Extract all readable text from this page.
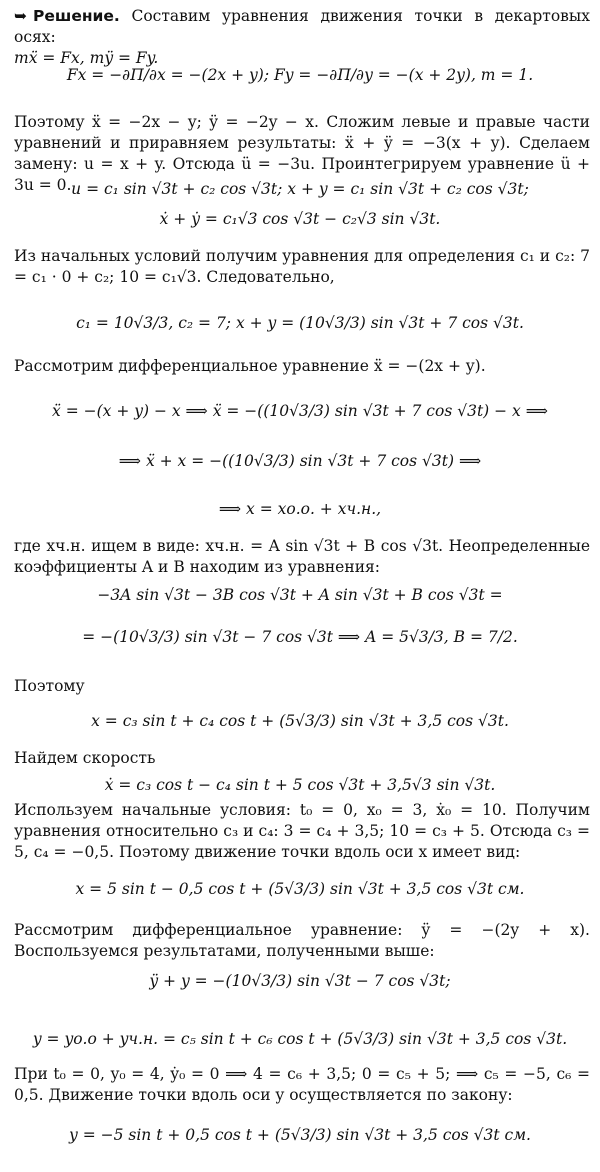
➥ Решение. Составим уравнения движения точки в декартовых осях:
mẍ = Fx, mÿ = Fy.
Fx = −∂Π/∂x = −(2x + y); Fy = −∂Π/∂y = −(x + 2y), m = 1.
Поэтому ẍ = −2x − y; ÿ = −2y − x. Сложим левые и правые части уравнений и приравняем результаты: ẍ + ÿ = −3(x + y). Сделаем замену: u = x + y. Отсюда ü = −3u. Проинтегрируем уравнение ü + 3u = 0. u = c₁ sin √3t + c₂ cos √3t; x + y = c₁ sin √3t + c₂ cos √3t;
ẋ + ẏ = c₁√3 cos √3t − c₂√3 sin √3t.
Из начальных условий получим уравнения для определения c₁ и c₂: 7 = c₁ · 0 + c₂; 10 = c₁√3. Следовательно,
c₁ = 10√3/3, c₂ = 7; x + y = (10√3/3) sin √3t + 7 cos √3t.
Рассмотрим дифференциальное уравнение ẍ = −(2x + y).
ẍ = −(x + y) − x ⟹ ẍ = −((10√3/3) sin √3t + 7 cos √3t) − x ⟹
⟹ ẍ + x = −((10√3/3) sin √3t + 7 cos √3t) ⟹
⟹ x = xо.о. + xч.н.,
где xч.н. ищем в виде: xч.н. = A sin √3t + B cos √3t. Неопределенные коэффициенты A и B находим из уравнения:
−3A sin √3t − 3B cos √3t + A sin √3t + B cos √3t =
= −(10√3/3) sin √3t − 7 cos √3t ⟹ A = 5√3/3, B = 7/2.
Поэтому
x = c₃ sin t + c₄ cos t + (5√3/3) sin √3t + 3,5 cos √3t.
Найдем скорость
ẋ = c₃ cos t − c₄ sin t + 5 cos √3t + 3,5√3 sin √3t.
Используем начальные условия: t₀ = 0, x₀ = 3, ẋ₀ = 10. Получим уравнения относительно c₃ и c₄: 3 = c₄ + 3,5; 10 = c₃ + 5. Отсюда c₃ = 5, c₄ = −0,5. Поэтому движение точки вдоль оси x имеет вид:
x = 5 sin t − 0,5 cos t + (5√3/3) sin √3t + 3,5 cos √3t см.
Рассмотрим дифференциальное уравнение: ÿ = −(2y + x). Воспользуемся результатами, полученными выше:
ÿ + y = −(10√3/3) sin √3t − 7 cos √3t;
y = yо.о + yч.н. = c₅ sin t + c₆ cos t + (5√3/3) sin √3t + 3,5 cos √3t.
При t₀ = 0, y₀ = 4, ẏ₀ = 0 ⟹ 4 = c₆ + 3,5; 0 = c₅ + 5; ⟹ c₅ = −5, c₆ = 0,5. Движение точки вдоль оси y осуществляется по закону:
y = −5 sin t + 0,5 cos t + (5√3/3) sin √3t + 3,5 cos √3t см.
